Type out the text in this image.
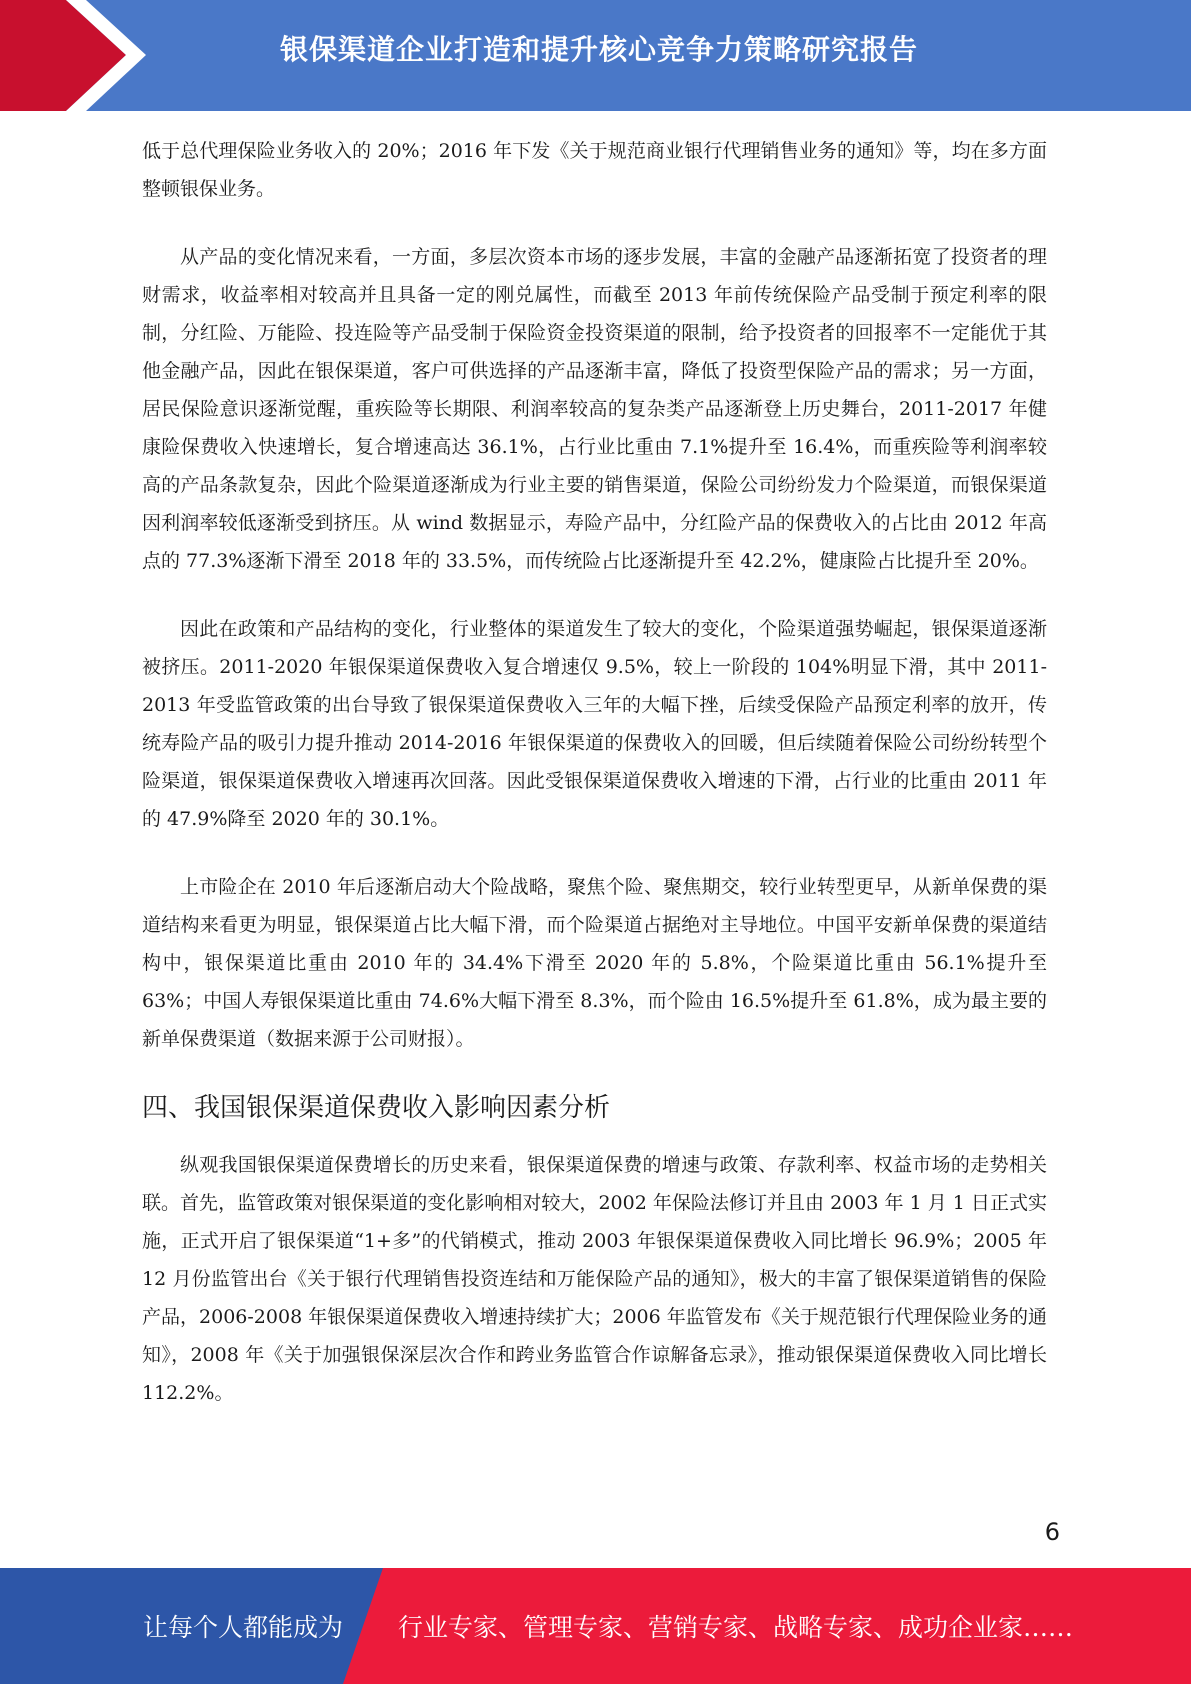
银保渠道企业打造和提升核心竞争力策略研究报告

低于总代理保险业务收入的 20%；2016 年下发《关于规范商业银行代理销售业务的通知》等，均在多方面整顿银保业务。

从产品的变化情况来看，一方面，多层次资本市场的逐步发展，丰富的金融产品逐渐拓宽了投资者的理财需求，收益率相对较高并且具备一定的刚兑属性，而截至 2013 年前传统保险产品受制于预定利率的限制，分红险、万能险、投连险等产品受制于保险资金投资渠道的限制，给予投资者的回报率不一定能优于其他金融产品，因此在银保渠道，客户可供选择的产品逐渐丰富，降低了投资型保险产品的需求；另一方面，居民保险意识逐渐觉醒，重疾险等长期限、利润率较高的复杂类产品逐渐登上历史舞台，2011-2017 年健康险保费收入快速增长，复合增速高达 36.1%，占行业比重由 7.1%提升至 16.4%，而重疾险等利润率较高的产品条款复杂，因此个险渠道逐渐成为行业主要的销售渠道，保险公司纷纷发力个险渠道，而银保渠道因利润率较低逐渐受到挤压。从 wind 数据显示，寿险产品中，分红险产品的保费收入的占比由 2012 年高点的 77.3%逐渐下滑至 2018 年的 33.5%，而传统险占比逐渐提升至 42.2%，健康险占比提升至 20%。

因此在政策和产品结构的变化，行业整体的渠道发生了较大的变化，个险渠道强势崛起，银保渠道逐渐被挤压。2011-2020 年银保渠道保费收入复合增速仅 9.5%，较上一阶段的 104%明显下滑，其中 2011-2013 年受监管政策的出台导致了银保渠道保费收入三年的大幅下挫，后续受保险产品预定利率的放开，传统寿险产品的吸引力提升推动 2014-2016 年银保渠道的保费收入的回暖，但后续随着保险公司纷纷转型个险渠道，银保渠道保费收入增速再次回落。因此受银保渠道保费收入增速的下滑，占行业的比重由 2011 年的 47.9%降至 2020 年的 30.1%。

上市险企在 2010 年后逐渐启动大个险战略，聚焦个险、聚焦期交，较行业转型更早，从新单保费的渠道结构来看更为明显，银保渠道占比大幅下滑，而个险渠道占据绝对主导地位。中国平安新单保费的渠道结构中，银保渠道比重由 2010 年的 34.4%下滑至 2020 年的 5.8%，个险渠道比重由 56.1%提升至 63%；中国人寿银保渠道比重由 74.6%大幅下滑至 8.3%，而个险由 16.5%提升至 61.8%，成为最主要的新单保费渠道（数据来源于公司财报）。

四、我国银保渠道保费收入影响因素分析

纵观我国银保渠道保费增长的历史来看，银保渠道保费的增速与政策、存款利率、权益市场的走势相关联。首先，监管政策对银保渠道的变化影响相对较大，2002 年保险法修订并且由 2003 年 1 月 1 日正式实施，正式开启了银保渠道“1+多”的代销模式，推动 2003 年银保渠道保费收入同比增长 96.9%；2005 年 12 月份监管出台《关于银行代理销售投资连结和万能保险产品的通知》，极大的丰富了银保渠道销售的保险产品，2006-2008 年银保渠道保费收入增速持续扩大；2006 年监管发布《关于规范银行代理保险业务的通知》，2008 年《关于加强银保深层次合作和跨业务监管合作谅解备忘录》，推动银保渠道保费收入同比增长 112.2%。

6
让每个人都能成为 行业专家、管理专家、营销专家、战略专家、成功企业家……
